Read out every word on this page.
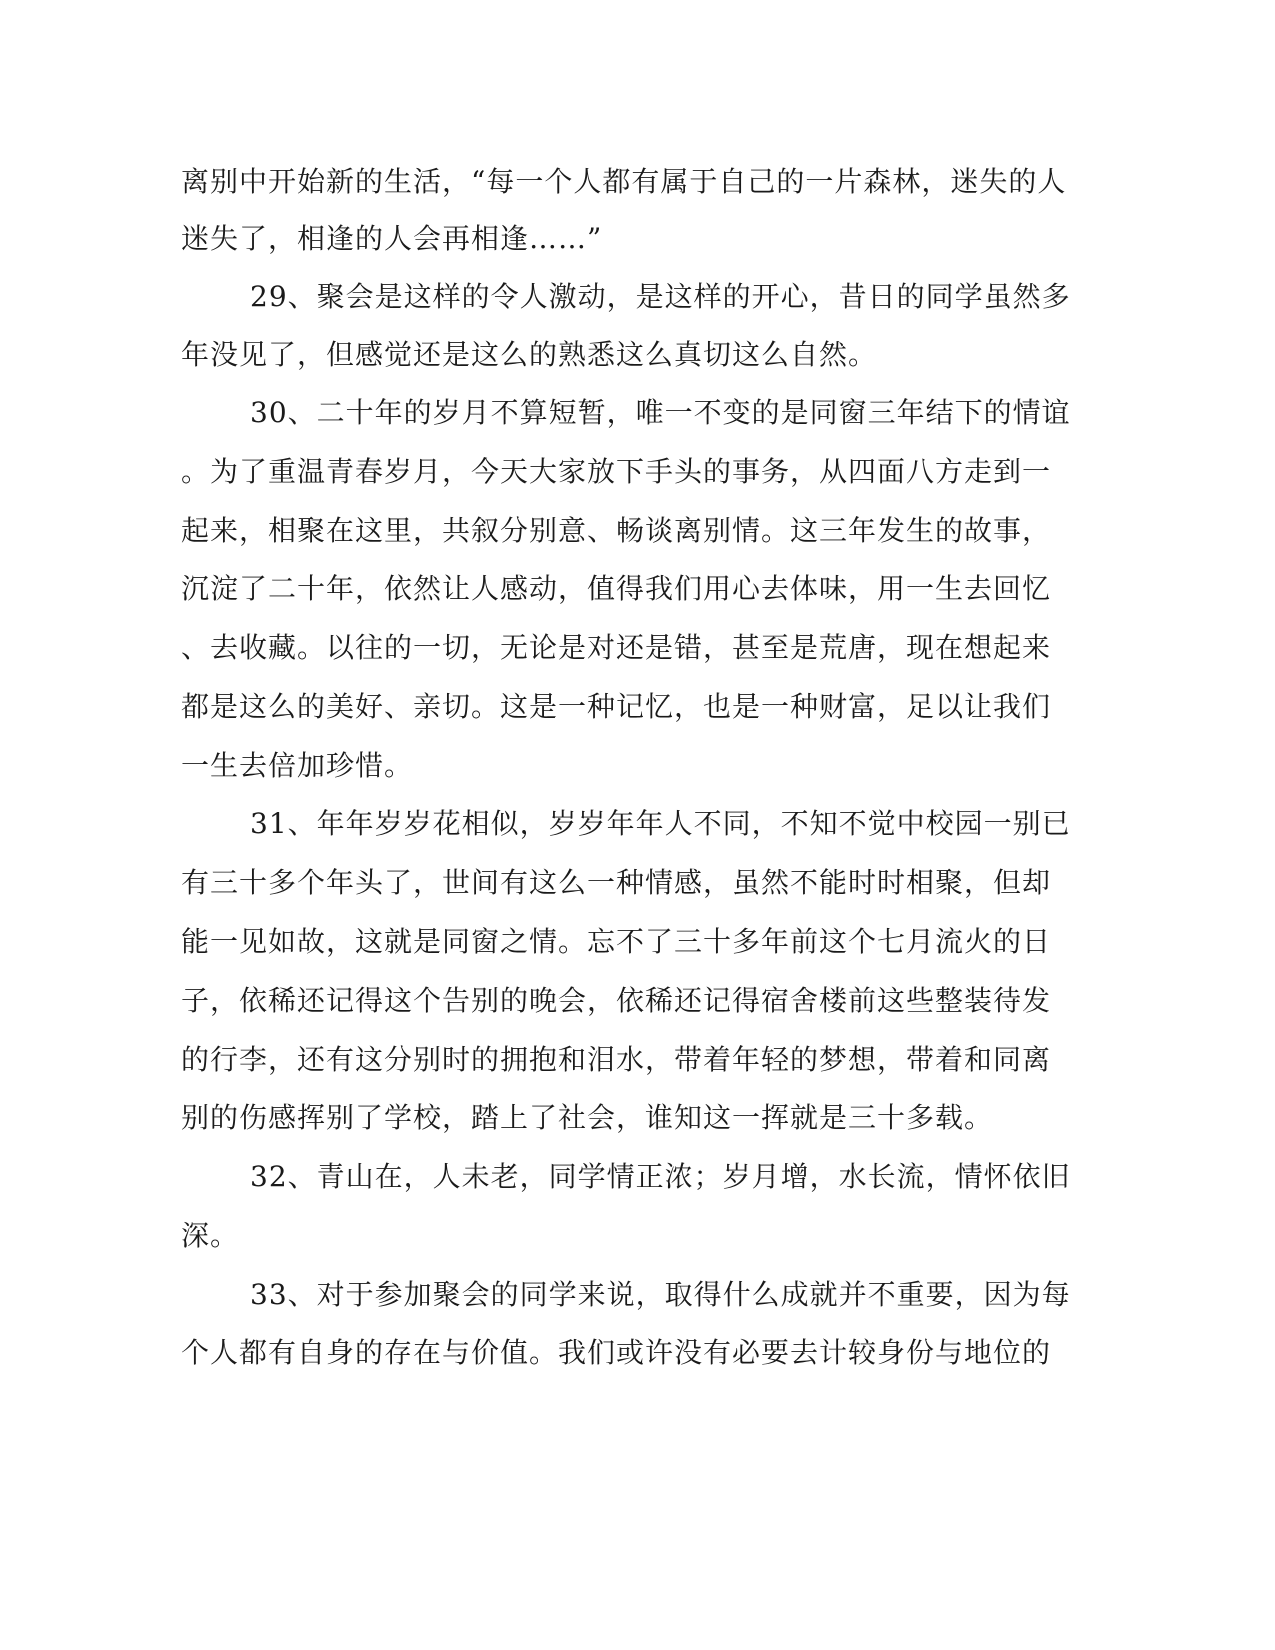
离别中开始新的生活，“每一个人都有属于自己的一片森林，迷失的人
迷失了，相逢的人会再相逢……”
29、聚会是这样的令人激动，是这样的开心，昔日的同学虽然多
年没见了，但感觉还是这么的熟悉这么真切这么自然。
30、二十年的岁月不算短暂，唯一不变的是同窗三年结下的情谊
。为了重温青春岁月，今天大家放下手头的事务，从四面八方走到一
起来，相聚在这里，共叙分别意、畅谈离别情。这三年发生的故事，
沉淀了二十年，依然让人感动，值得我们用心去体味，用一生去回忆
、去收藏。以往的一切，无论是对还是错，甚至是荒唐，现在想起来
都是这么的美好、亲切。这是一种记忆，也是一种财富，足以让我们
一生去倍加珍惜。
31、年年岁岁花相似，岁岁年年人不同，不知不觉中校园一别已
有三十多个年头了，世间有这么一种情感，虽然不能时时相聚，但却
能一见如故，这就是同窗之情。忘不了三十多年前这个七月流火的日
子，依稀还记得这个告别的晚会，依稀还记得宿舍楼前这些整装待发
的行李，还有这分别时的拥抱和泪水，带着年轻的梦想，带着和同离
别的伤感挥别了学校，踏上了社会，谁知这一挥就是三十多载。
32、青山在，人未老，同学情正浓；岁月增，水长流，情怀依旧
深。
33、对于参加聚会的同学来说，取得什么成就并不重要，因为每
个人都有自身的存在与价值。我们或许没有必要去计较身份与地位的
